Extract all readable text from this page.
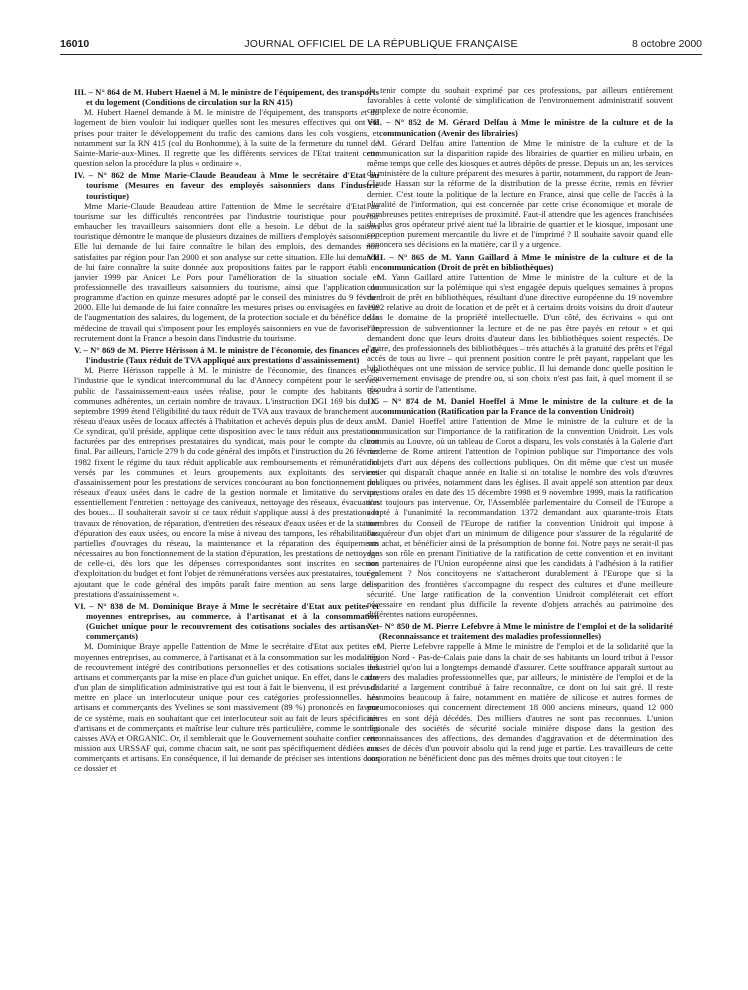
16010	JOURNAL OFFICIEL DE LA RÉPUBLIQUE FRANÇAISE	8 octobre 2000

III. – N° 864 de M. Hubert Haenel à M. le ministre de l'équipement, des transports et du logement (Conditions de circulation sur la RN 415)

M. Hubert Haenel demande à M. le ministre de l'équipement, des transports et du logement de bien vouloir lui indiquer quelles sont les mesures effectives qui ont été prises pour traiter le développement du trafic des camions dans les cols vosgiens, et notamment sur la RN 415 (col du Bonhomme), à la suite de la fermeture du tunnel de Sainte-Marie-aux-Mines. Il regrette que les différents services de l'Etat traitent cette question selon la procédure la plus « ordinaire ».

IV. – N° 862 de Mme Marie-Claude Beaudeau à Mme le secrétaire d'Etat au tourisme (Mesures en faveur des employés saisonniers dans l'industrie touristique)

Mme Marie-Claude Beaudeau attire l'attention de Mme le secrétaire d'Etat au tourisme sur les difficultés rencontrées par l'industrie touristique pour pouvoir embaucher les travailleurs saisonniers dont elle a besoin. Le début de la saison touristique démontre le manque de plusieurs dizaines de milliers d'employés saisonniers. Elle lui demande de lui faire connaître le bilan des emplois, des demandes non satisfaites par région pour l'an 2000 et son analyse sur cette situation. Elle lui demande de lui faire connaître la suite donnée aux propositions faites par le rapport établi en janvier 1999 par Anicet Le Pors pour l'amélioration de la situation sociale et professionnelle des travailleurs saisonniers du tourisme, ainsi que l'application du programme d'action en quinze mesures adopté par le conseil des ministres du 9 février 2000. Elle lui demande de lui faire connaître les mesures prises ou envisagées en faveur de l'augmentation des salaires, du logement, de la protection sociale et du bénéfice de la médecine de travail qui s'imposent pour les employés saisonniers en vue de favoriser le recrutement dont la France a besoin dans l'industrie du tourisme.

V. – N° 869 de M. Pierre Hérisson à M. le ministre de l'économie, des finances et de l'industrie (Taux réduit de TVA appliqué aux prestations d'assainissement)

M. Pierre Hérisson rappelle à M. le ministre de l'économie, des finances et de l'industrie que le syndicat intercommunal du lac d'Annecy compétent pour le service public de l'assainissement-eaux usées réalise, pour le compte des habitants des communes adhérentes, un certain nombre de travaux. L'instruction DGI 169 bis du 15 septembre 1999 étend l'éligibilité du taux réduit de TVA aux travaux de branchement au réseau d'eaux usées de locaux affectés à l'habitation et achevés depuis plus de deux ans. Ce syndicat, qu'il préside, applique cette disposition avec le taux réduit aux prestations facturées par des entreprises prestataires du syndicat, mais pour le compte du client final. Par ailleurs, l'article 279 b du code général des impôts et l'instruction du 26 février 1982 fixent le régime du taux réduit applicable aux remboursements et rémunérations versés par les communes et leurs groupements aux exploitants des services d'assainissement pour les prestations de services concourant au bon fonctionnement des réseaux d'eaux usées dans le cadre de la gestion normale et limitative du service, essentiellement l'entretien : nettoyage des caniveaux, nettoyage des réseaux, évacuation des boues... Il souhaiterait savoir si ce taux réduit s'applique aussi à des prestations et travaux de rénovation, de réparation, d'entretien des réseaux d'eaux usées et de la station d'épuration des eaux usées, ou encore la mise à niveau des tampons, les réhabilitations partielles d'ouvrages du réseau, la maintenance et la réparation des équipements nécessaires au bon fonctionnement de la station d'épuration, les prestations de nettoyage de celle-ci, dès lors que les dépenses correspondantes sont inscrites en section d'exploitation du budget et font l'objet de rémunérations versées aux prestataires, tout en ajoutant que le code général des impôts paraît faire mention au sens large de « prestations d'assainissement ».

VI. – N° 838 de M. Dominique Braye à Mme le secrétaire d'Etat aux petites et moyennes entreprises, au commerce, à l'artisanat et à la consommation (Guichet unique pour le recouvrement des cotisations sociales des artisans et commerçants)

M. Dominique Braye appelle l'attention de Mme le secrétaire d'Etat aux petites et moyennes entreprises, au commerce, à l'artisanat et à la consommation sur les modalités de recouvrement intégré des contributions personnelles et des cotisations sociales des artisans et commerçants par la mise en place d'un guichet unique. En effet, dans le cadre d'un plan de simplification administrative qui est tout à fait le bienvenu, il est prévu de mettre en place un interlocuteur unique pour ces catégories professionnelles. Les artisans et commerçants des Yvelines se sont massivement (89 %) prononcés en faveur de ce système, mais en souhaitant que cet interlocuteur soit au fait de leurs spécificités d'artisans et de commerçants et maîtrise leur culture très particulière, comme le sont les caisses AVA et ORGANIC. Or, il semblerait que le Gouvernement souhaite confier cette mission aux URSSAF qui, comme chacun sait, ne sont pas spécifiquement dédiées aux commerçants et artisans. En conséquence, il lui demande de préciser ses intentions dans ce dossier et

de tenir compte du souhait exprimé par ces professions, par ailleurs entièrement favorables à cette volonté de simplification de l'environnement administratif souvent complexe de notre économie.

VII. – N° 852 de M. Gérard Delfau à Mme le ministre de la culture et de la communication (Avenir des librairies)

M. Gérard Delfau attire l'attention de Mme le ministre de la culture et de la communication sur la disparition rapide des librairies de quartier en milieu urbain, en même temps que celle des kiosques et autres dépôts de presse. Depuis un an, les services du ministère de la culture préparent des mesures à partir, notamment, du rapport de Jean-Claude Hassan sur la réforme de la distribution de la presse écrite, remis en février dernier. C'est toute la politique de la lecture en France, ainsi que celle de l'accès à la pluralité de l'information, qui est concernée par cette crise économique et morale de nombreuses petites entreprises de proximité. Faut-il attendre que les agences franchisées du plus gros opérateur privé aient tué la librairie de quartier et le kiosque, imposant une conception purement mercantile du livre et de l'imprimé ? Il souhaite savoir quand elle annoncera ses décisions en la matière, car il y a urgence.

VIII. – N° 865 de M. Yann Gaillard à Mme le ministre de la culture et de la communication (Droit de prêt en bibliothèques)

M. Yann Gaillard attire l'attention de Mme le ministre de la culture et de la communication sur la polémique qui s'est engagée depuis quelques semaines à propos du droit de prêt en bibliothèques, résultant d'une directive européenne du 19 novembre 1992 relative au droit de location et de prêt et à certains droits voisins du droit d'auteur dans le domaine de la propriété intellectuelle. D'un côté, des écrivains « qui ont l'impression de subventionner la lecture et de ne pas être payés en retour » et qui demandent donc que leurs droits d'auteur dans les bibliothèques soient respectés. De l'autre, des professionnels des bibliothèques – très attachés à la gratuité des prêts et l'égal accès de tous au livre – qui prennent position contre le prêt payant, rappelant que les bibliothèques ont une mission de service public. Il lui demande donc quelle position le Gouvernement envisage de prendre ou, si son choix n'est pas fait, à quel moment il se résoudra à sortir de l'attentisme.

IX. – N° 874 de M. Daniel Hoeffel à Mme le ministre de la culture et de la communication (Ratification par la France de la convention Unidroit)

M. Daniel Hoeffel attire l'attention de Mme le ministre de la culture et de la communication sur l'importance de la ratification de la convention Unidroit. Les vols commis au Louvre, où un tableau de Corot a disparu, les vols constatés à la Galerie d'art moderne de Rome attirent l'attention de l'opinion publique sur l'importance des vols d'objets d'art aux dépens des collections publiques. On dit même que c'est un musée entier qui disparaît chaque année en Italie si on totalise le nombre des vols d'œuvres publiques ou privées, notamment dans les églises. Il avait appelé son attention par deux questions orales en date des 15 décembre 1998 et 9 novembre 1999, mais la ratification n'est toujours pas intervenue. Or, l'Assemblée parlementaire du Conseil de l'Europe a adopté à l'unanimité la recommandation 1372 demandant aux quarante-trois Etats membres du Conseil de l'Europe de ratifier la convention Unidroit qui impose à l'acquéreur d'un objet d'art un minimum de diligence pour s'assurer de la régularité de son achat, et bénéficier ainsi de la présomption de bonne foi. Notre pays ne serait-il pas dans son rôle en prenant l'initiative de la ratification de cette convention et en invitant nos partenaires de l'Union européenne ainsi que les candidats à l'adhésion à la ratifier également ? Nos concitoyens ne s'attacheront durablement à l'Europe que si la disparition des frontières s'accompagne du respect des cultures et d'une meilleure sécurité. Une large ratification de la convention Unidroit compléterait cet effort nécessaire en rendant plus difficile la revente d'objets arrachés au patrimoine des différentes nations européennes.

X. – N° 850 de M. Pierre Lefebvre à Mme le ministre de l'emploi et de la solidarité (Reconnaissance et traitement des maladies professionnelles)

M. Pierre Lefebvre rappelle à Mme le ministre de l'emploi et de la solidarité que la région Nord - Pas-de-Calais paie dans la chair de ses habitants un lourd tribut à l'essor industriel qu'on lui a longtemps demandé d'assurer. Cette souffrance apparaît surtout au travers des maladies professionnelles que, par ailleurs, le ministère de l'emploi et de la solidarité a largement contribué à faire reconnaître, ce dont on lui sait gré. Il reste néanmoins beaucoup à faire, notamment en matière de silicose et autres formes de pneumoconioses qui concernent directement 18 000 anciens mineurs, quand 12 000 autres en sont déjà décédés. Des milliers d'autres ne sont pas reconnues. L'union régionale des sociétés de sécurité sociale minière dispose dans la gestion des reconnaissances des affections, des demandes d'aggravation et de détermination des causes de décès d'un pouvoir absolu qui la rend juge et partie. Les travailleurs de cette corporation ne bénéficient donc pas des mêmes droits que tout citoyen : le
